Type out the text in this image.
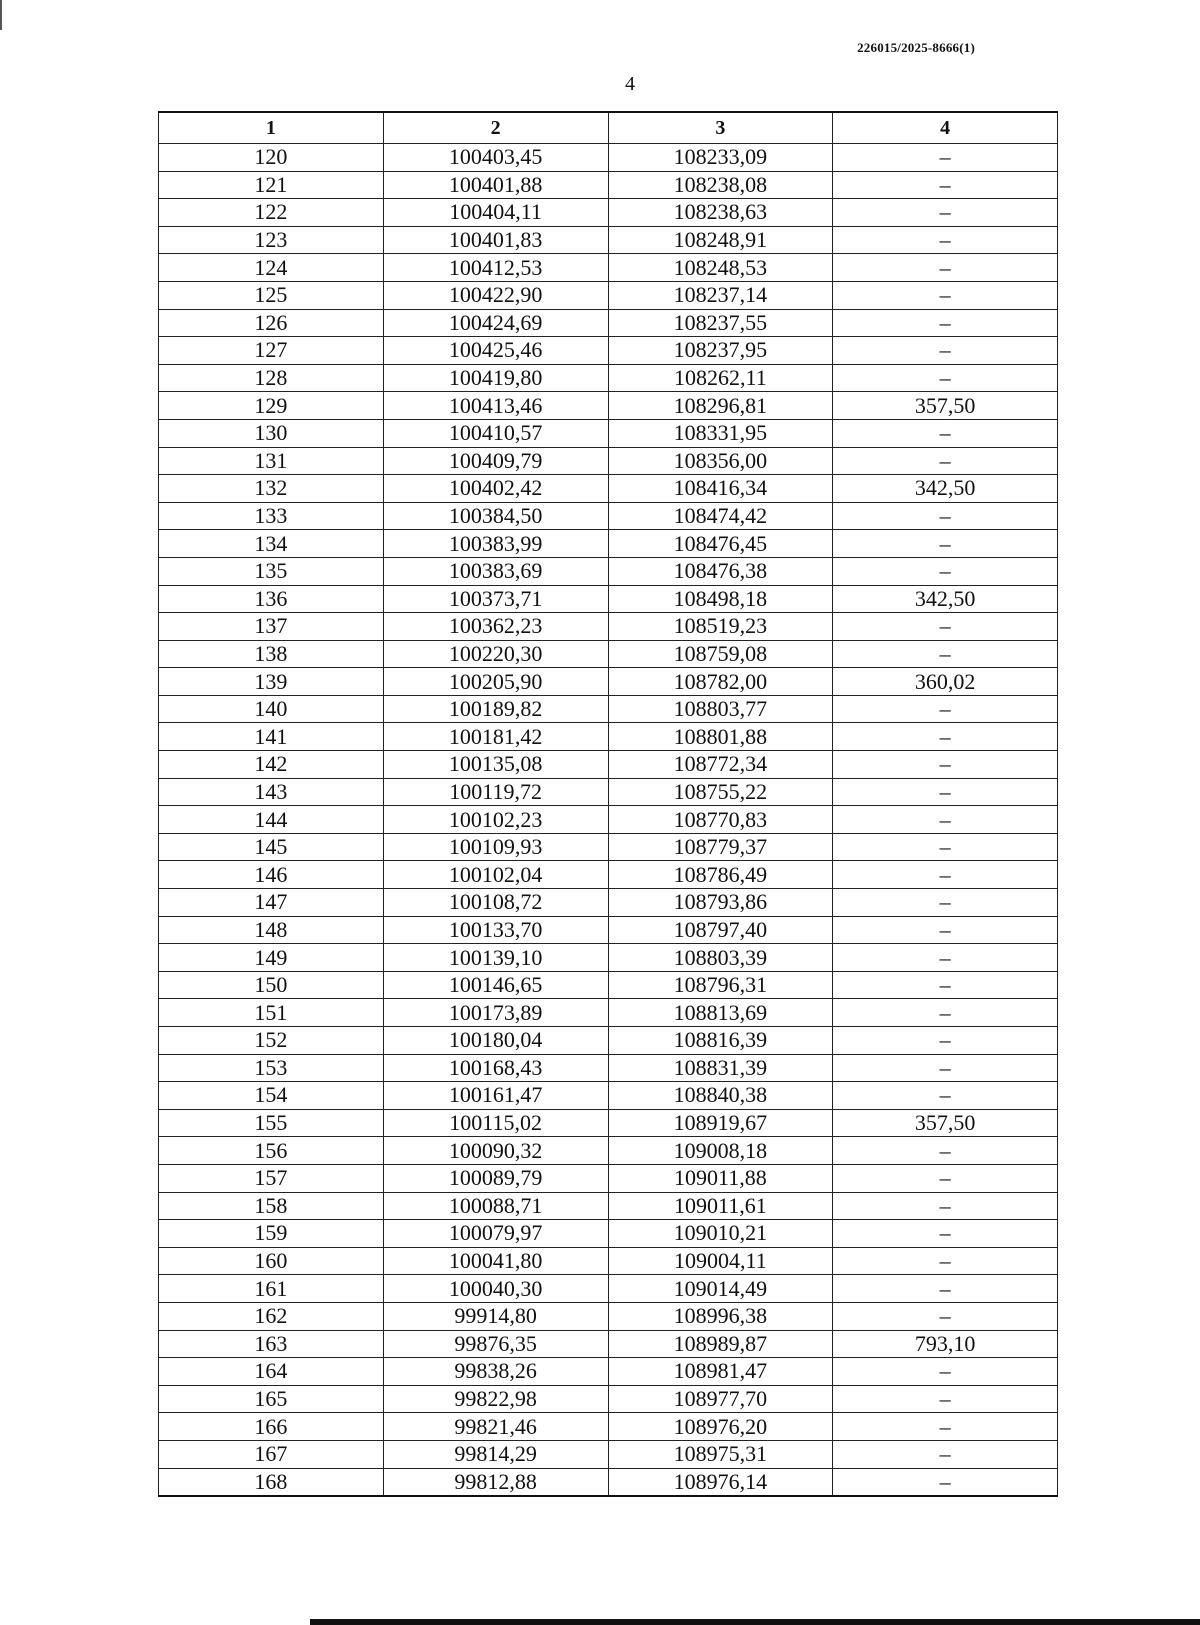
226015/2025-8666(1)
4
1	2	3	4
120	100403,45	108233,09	–
121	100401,88	108238,08	–
122	100404,11	108238,63	–
123	100401,83	108248,91	–
124	100412,53	108248,53	–
125	100422,90	108237,14	–
126	100424,69	108237,55	–
127	100425,46	108237,95	–
128	100419,80	108262,11	–
129	100413,46	108296,81	357,50
130	100410,57	108331,95	–
131	100409,79	108356,00	–
132	100402,42	108416,34	342,50
133	100384,50	108474,42	–
134	100383,99	108476,45	–
135	100383,69	108476,38	–
136	100373,71	108498,18	342,50
137	100362,23	108519,23	–
138	100220,30	108759,08	–
139	100205,90	108782,00	360,02
140	100189,82	108803,77	–
141	100181,42	108801,88	–
142	100135,08	108772,34	–
143	100119,72	108755,22	–
144	100102,23	108770,83	–
145	100109,93	108779,37	–
146	100102,04	108786,49	–
147	100108,72	108793,86	–
148	100133,70	108797,40	–
149	100139,10	108803,39	–
150	100146,65	108796,31	–
151	100173,89	108813,69	–
152	100180,04	108816,39	–
153	100168,43	108831,39	–
154	100161,47	108840,38	–
155	100115,02	108919,67	357,50
156	100090,32	109008,18	–
157	100089,79	109011,88	–
158	100088,71	109011,61	–
159	100079,97	109010,21	–
160	100041,80	109004,11	–
161	100040,30	109014,49	–
162	99914,80	108996,38	–
163	99876,35	108989,87	793,10
164	99838,26	108981,47	–
165	99822,98	108977,70	–
166	99821,46	108976,20	–
167	99814,29	108975,31	–
168	99812,88	108976,14	–
